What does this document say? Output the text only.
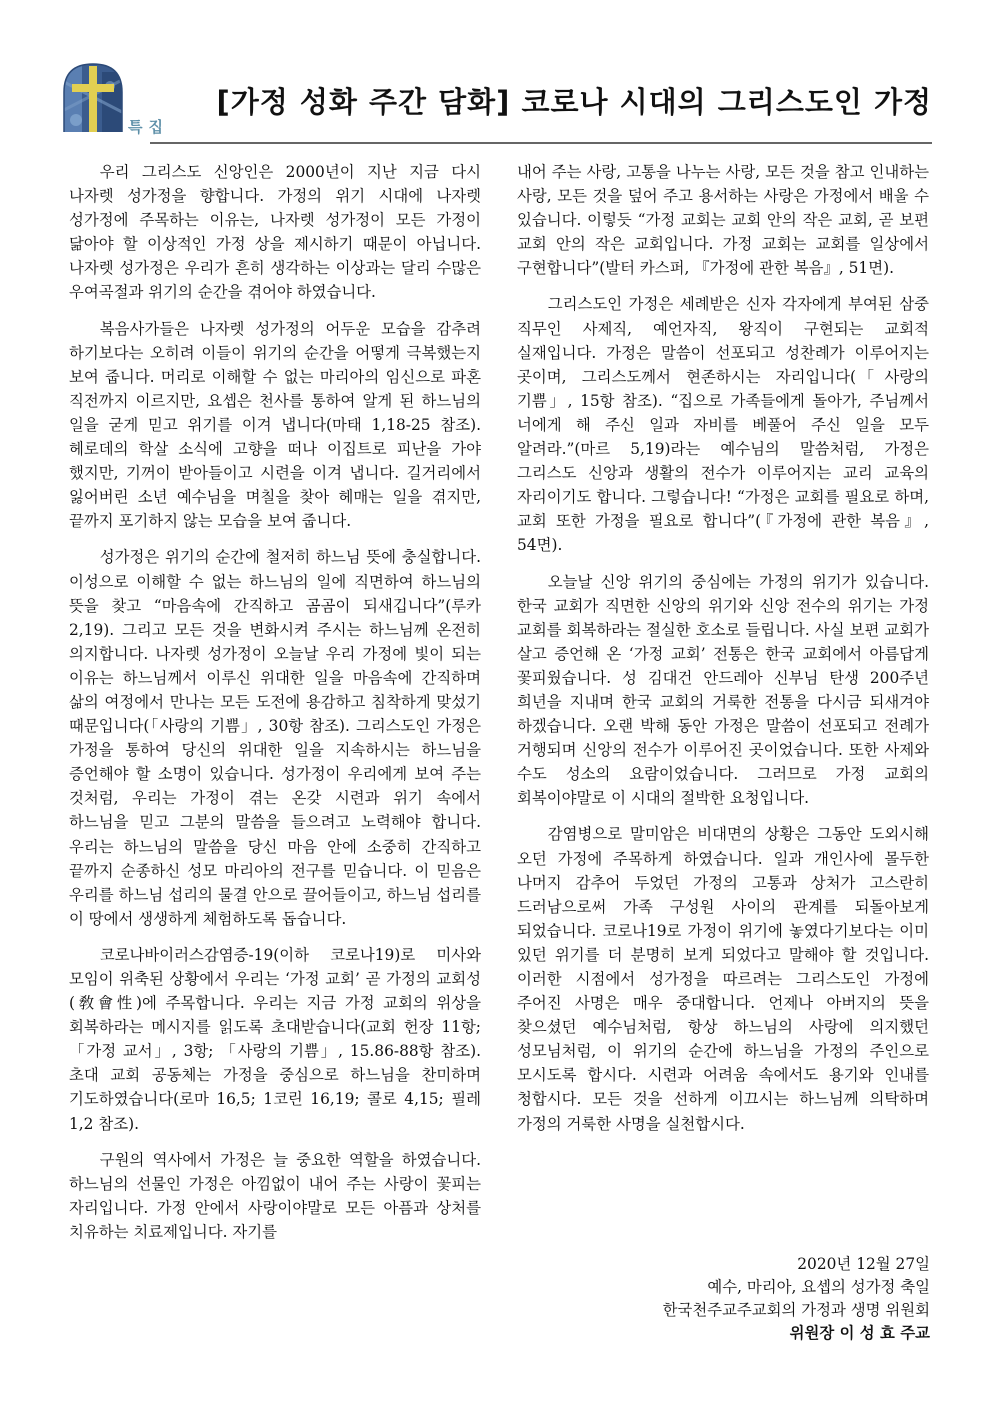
특집
[가정 성화 주간 담화] 코로나 시대의 그리스도인 가정

우리 그리스도 신앙인은 2000년이 지난 지금 다시 나자렛 성가정을 향합니다. 가정의 위기 시대에 나자렛 성가정에 주목하는 이유는, 나자렛 성가정이 모든 가정이 닮아야 할 이상적인 가정 상을 제시하기 때문이 아닙니다. 나자렛 성가정은 우리가 흔히 생각하는 이상과는 달리 수많은 우여곡절과 위기의 순간을 겪어야 하였습니다.

복음사가들은 나자렛 성가정의 어두운 모습을 감추려 하기보다는 오히려 이들이 위기의 순간을 어떻게 극복했는지 보여 줍니다. 머리로 이해할 수 없는 마리아의 임신으로 파혼 직전까지 이르지만, 요셉은 천사를 통하여 알게 된 하느님의 일을 굳게 믿고 위기를 이겨 냅니다(마태 1,18-25 참조). 헤로데의 학살 소식에 고향을 떠나 이집트로 피난을 가야 했지만, 기꺼이 받아들이고 시련을 이겨 냅니다. 길거리에서 잃어버린 소년 예수님을 며칠을 찾아 헤매는 일을 겪지만, 끝까지 포기하지 않는 모습을 보여 줍니다.

성가정은 위기의 순간에 철저히 하느님 뜻에 충실합니다. 이성으로 이해할 수 없는 하느님의 일에 직면하여 하느님의 뜻을 찾고 “마음속에 간직하고 곰곰이 되새깁니다”(루카 2,19). 그리고 모든 것을 변화시켜 주시는 하느님께 온전히 의지합니다. 나자렛 성가정이 오늘날 우리 가정에 빛이 되는 이유는 하느님께서 이루신 위대한 일을 마음속에 간직하며 삶의 여정에서 만나는 모든 도전에 용감하고 침착하게 맞섰기 때문입니다(「사랑의 기쁨」, 30항 참조). 그리스도인 가정은 가정을 통하여 당신의 위대한 일을 지속하시는 하느님을 증언해야 할 소명이 있습니다. 성가정이 우리에게 보여 주는 것처럼, 우리는 가정이 겪는 온갖 시련과 위기 속에서 하느님을 믿고 그분의 말씀을 들으려고 노력해야 합니다. 우리는 하느님의 말씀을 당신 마음 안에 소중히 간직하고 끝까지 순종하신 성모 마리아의 전구를 믿습니다. 이 믿음은 우리를 하느님 섭리의 물결 안으로 끌어들이고, 하느님 섭리를 이 땅에서 생생하게 체험하도록 돕습니다.

코로나바이러스감염증-19(이하 코로나19)로 미사와 모임이 위축된 상황에서 우리는 ‘가정 교회’ 곧 가정의 교회성(敎會性)에 주목합니다. 우리는 지금 가정 교회의 위상을 회복하라는 메시지를 읽도록 초대받습니다(교회 헌장 11항; 「가정 교서」, 3항; 「사랑의 기쁨」, 15.86-88항 참조). 초대 교회 공동체는 가정을 중심으로 하느님을 찬미하며 기도하였습니다(로마 16,5; 1코린 16,19; 콜로 4,15; 필레 1,2 참조).

구원의 역사에서 가정은 늘 중요한 역할을 하였습니다. 하느님의 선물인 가정은 아낌없이 내어 주는 사랑이 꽃피는 자리입니다. 가정 안에서 사랑이야말로 모든 아픔과 상처를 치유하는 치료제입니다. 자기를

내어 주는 사랑, 고통을 나누는 사랑, 모든 것을 참고 인내하는 사랑, 모든 것을 덮어 주고 용서하는 사랑은 가정에서 배울 수 있습니다. 이렇듯 “가정 교회는 교회 안의 작은 교회, 곧 보편 교회 안의 작은 교회입니다. 가정 교회는 교회를 일상에서 구현합니다”(발터 카스퍼, 『가정에 관한 복음』, 51면).

그리스도인 가정은 세례받은 신자 각자에게 부여된 삼중 직무인 사제직, 예언자직, 왕직이 구현되는 교회적 실재입니다. 가정은 말씀이 선포되고 성찬례가 이루어지는 곳이며, 그리스도께서 현존하시는 자리입니다(「사랑의 기쁨」, 15항 참조). “집으로 가족들에게 돌아가, 주님께서 너에게 해 주신 일과 자비를 베풀어 주신 일을 모두 알려라.”(마르 5,19)라는 예수님의 말씀처럼, 가정은 그리스도 신앙과 생활의 전수가 이루어지는 교리 교육의 자리이기도 합니다. 그렇습니다! “가정은 교회를 필요로 하며, 교회 또한 가정을 필요로 합니다”(『가정에 관한 복음』, 54면).

오늘날 신앙 위기의 중심에는 가정의 위기가 있습니다. 한국 교회가 직면한 신앙의 위기와 신앙 전수의 위기는 가정 교회를 회복하라는 절실한 호소로 들립니다. 사실 보편 교회가 살고 증언해 온 ‘가정 교회’ 전통은 한국 교회에서 아름답게 꽃피웠습니다. 성 김대건 안드레아 신부님 탄생 200주년 희년을 지내며 한국 교회의 거룩한 전통을 다시금 되새겨야 하겠습니다. 오랜 박해 동안 가정은 말씀이 선포되고 전례가 거행되며 신앙의 전수가 이루어진 곳이었습니다. 또한 사제와 수도 성소의 요람이었습니다. 그러므로 가정 교회의 회복이야말로 이 시대의 절박한 요청입니다.

감염병으로 말미암은 비대면의 상황은 그동안 도외시해 오던 가정에 주목하게 하였습니다. 일과 개인사에 몰두한 나머지 감추어 두었던 가정의 고통과 상처가 고스란히 드러남으로써 가족 구성원 사이의 관계를 되돌아보게 되었습니다. 코로나19로 가정이 위기에 놓였다기보다는 이미 있던 위기를 더 분명히 보게 되었다고 말해야 할 것입니다. 이러한 시점에서 성가정을 따르려는 그리스도인 가정에 주어진 사명은 매우 중대합니다. 언제나 아버지의 뜻을 찾으셨던 예수님처럼, 항상 하느님의 사랑에 의지했던 성모님처럼, 이 위기의 순간에 하느님을 가정의 주인으로 모시도록 합시다. 시련과 어려움 속에서도 용기와 인내를 청합시다. 모든 것을 선하게 이끄시는 하느님께 의탁하며 가정의 거룩한 사명을 실천합시다.

2020년 12월 27일
예수, 마리아, 요셉의 성가정 축일
한국천주교주교회의 가정과 생명 위원회
위원장 이 성 효 주교
